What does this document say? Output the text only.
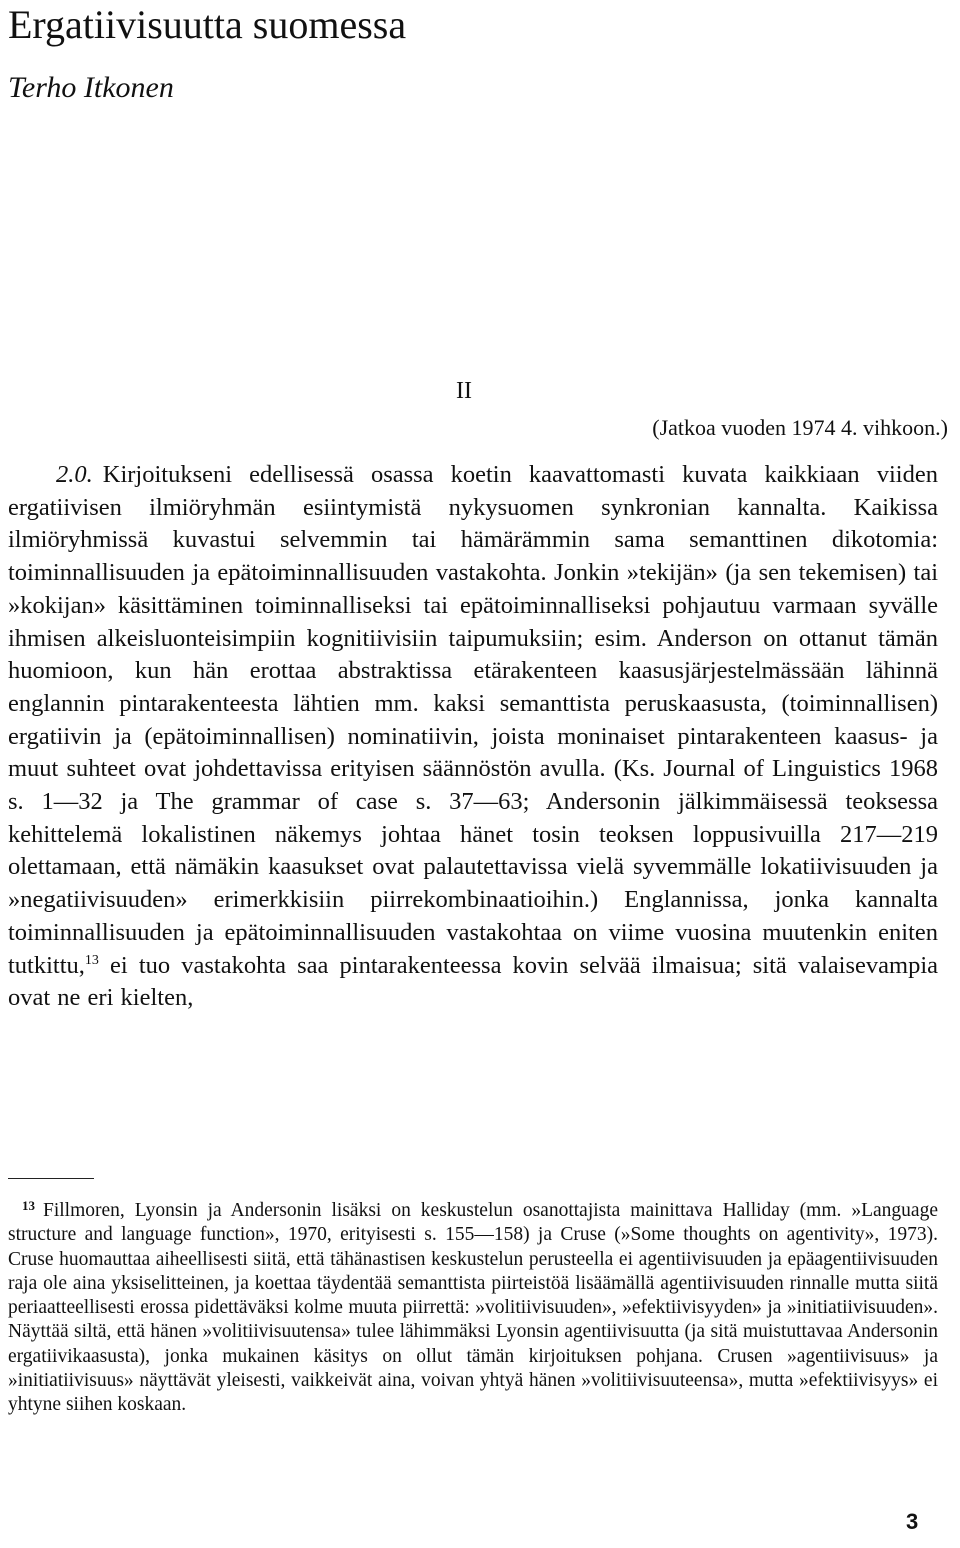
Ergatiivisuutta suomessa
Terho Itkonen
II
(Jatkoa vuoden 1974 4. vihkoon.)

2.0. Kirjoitukseni edellisessä osassa koetin kaavattomasti kuvata kaikkiaan viiden ergatiivisen ilmiöryhmän esiintymistä nykysuomen synkronian kannalta. Kaikissa ilmiöryhmissä kuvastui selvemmin tai hämärämmin sama semanttinen dikotomia: toiminnallisuuden ja epätoiminnallisuuden vastakohta. Jonkin »tekijän» (ja sen tekemisen) tai »kokijan» käsittäminen toiminnalliseksi tai epätoiminnalliseksi pohjautuu varmaan syvälle ihmisen alkeisluonteisimpiin kognitiivisiin taipumuksiin; esim. Anderson on ottanut tämän huomioon, kun hän erottaa abstraktissa etärakenteen kaasusjärjestelmässään lähinnä englannin pintarakenteesta lähtien mm. kaksi semanttista peruskaasusta, (toiminnallisen) ergatiivin ja (epätoiminnallisen) nominatiivin, joista moninaiset pintarakenteen kaasus- ja muut suhteet ovat johdettavissa erityisen säännöstön avulla. (Ks. Journal of Linguistics 1968 s. 1—32 ja The grammar of case s. 37—63; Andersonin jälkimmäisessä teoksessa kehittelemä lokalistinen näkemys johtaa hänet tosin teoksen loppusivuilla 217—219 olettamaan, että nämäkin kaasukset ovat palautettavissa vielä syvemmälle lokatiivisuuden ja »negatiivisuuden» erimerkkisiin piirrekombinaatioihin.) Englannissa, jonka kannalta toiminnallisuuden ja epätoiminnallisuuden vastakohtaa on viime vuosina muutenkin eniten tutkittu,$^{13}$ ei tuo vastakohta saa pintarakenteessa kovin selvää ilmaisua; sitä valaisevampia ovat ne eri kielten,

13 Fillmoren, Lyonsin ja Andersonin lisäksi on keskustelun osanottajista mainittava Halliday (mm. »Language structure and language function», 1970, erityisesti s. 155—158) ja Cruse (»Some thoughts on agentivity», 1973). Cruse huomauttaa aiheellisesti siitä, että tähänastisen keskustelun perusteella ei agentiivisuuden ja epäagentiivisuuden raja ole aina yksiselitteinen, ja koettaa täydentää semanttista piirteistöä lisäämällä agentiivisuuden rinnalle mutta siitä periaatteellisesti erossa pidettäväksi kolme muuta piirrettä: »volitiivisuuden», »efektiivisyyden» ja »initiatiivisuuden». Näyttää siltä, että hänen »volitiivisuutensa» tulee lähimmäksi Lyonsin agentiivisuutta (ja sitä muistuttavaa Andersonin ergatiivikaasusta), jonka mukainen käsitys on ollut tämän kirjoituksen pohjana. Crusen »agentiivisuus» ja »initiatiivisuus» näyttävät yleisesti, vaikkeivät aina, voivan yhtyä hänen »volitiivisuuteensa», mutta »efektiivisyys» ei yhtyne siihen koskaan.

3
